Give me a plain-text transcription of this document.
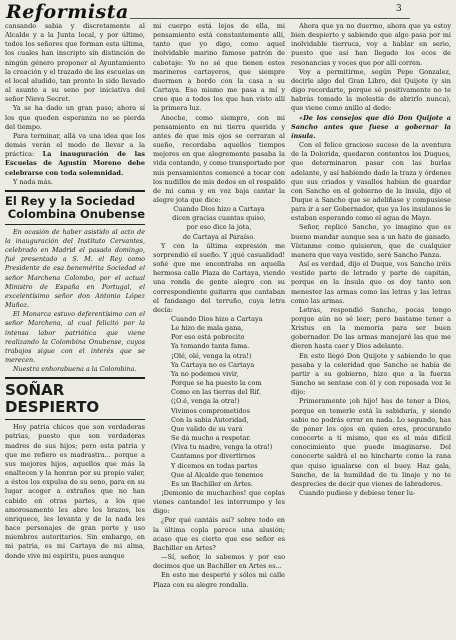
Reformista	3

cansando sabia y discretamente al Alcalde y a la Junta local, y por último, todos los señores que forman esta última, los cuales han inscripto sin distinción de ningún género proponer al Ayuntamiento la creación y el trazado de las escuelas en el local aludido, tan pronto lo sido llevado al asunto a su seno por iniciativa del señor Nieva Secret.

Ya se ha dado un gran paso; ahora sí los que queden esperanza no se pierda del tiempo.

Para terminar, allá va una idea que los demás verán el modo de llevar a la práctica: La inauguración de las Escuelas de Agustín Moreno debe celebrarse con toda solemnidad.

Y nada más.

El Rey y la Sociedad
Colombina Onubense

En ocasión de haber asistido al acto de la inauguración del Instituto Cervantes, celebrado en Madrid el pasado domingo, fué presentado a S. M. el Rey como Presidente de esa benemérita Sociedad el señor Marchena Colombo, por el actual Ministro de España en Portugal, el excelentísimo señor don Antonio López Muñoz.

El Monarca estuvo deferentísimo con el señor Marchena, al cual felicitó por la intensa labor patriótica que viene realizando la Colombina Onubense, cuyos trabajos sigue con el interés que se merecen.

Nuestra enhorabuena a la Colombina.

SOÑAR DESPIERTO

Hoy patria chicos que son verdaderas patrias, puesto que son verdaderas madres de sus hijos; pero esta patria y que me refiero es madrastra... porque a sus mejores hijos, aquellos que más la enaltecen y la honran por su propio valer, a éstos los expulsa de su seno, para en su lugar acoger a extraños que no han cabido en otras partes, a los que amorosamente les abre los brazos, les enriquece, les levanta y de la nada les hace personajes de gran porte y uso miembros autoritarios. Sin embargo, en mi patria, es mi Cartaya de mi alma, donde vive mi espíritu, pues aunque

mi cuerpo está lejos de ella, mi pensamiento está constantemente allí, tanto que yo digo, como aquel inolvidable marino famoso patrón de cabotaje: Yo no sé que tienen estos marineros cartayeros, que siempre duermen a bordo con la casa a su Cartaya. Eso mismo me pasa a mí y creo que a todos los que han visto allí la primera luz.

Anoche, como siempre, con mi pensamiento en mi tierra querida y antes de que mis ojos se cerraran al sueño, recordaba aquellos tiempos mejores en que alegremente pasaba la vida contando, y como transportado por mis pensamientos comencé a tocar con los nudillos de mis dedos en el respaldo de mi cama y en voz baja cantar la alegre jota que dice:

Cuando Dios hizo a Cartaya
dicen gracias cuantas quiso,
por eso dice la jota,
de Cartaya al Paraíso.

Y con la última expresión me sorprendió el sueño. Y ¡qué casualidad! soñé que me encontraba en aquella hermosa calle Plaza de Cartaya, viendo una ronda de gente alegre con su correspondiente guitarra que cantaban el fandango del terruño, cuya letra decía:

Cuando Dios hizo a Cartaya
Le hizo de mala gana,
Por eso está pobrecito
Ya tomando tanta fama.
¡Olé, olé, venga la otra!)
Ya Cartaya no es Cartaya
Ya no podemos vivir,
Porque se ha puesto la com
Como en las tierras del Rif.
(¡O.é, venga la otra!)
Vivimos comprometidos
Con la sabia Autoridad,
Que valido de su vara
Se dá mucho a respetar.
(Viva tu madre, venga la otra!)
Cantamos por divertirnos
Y dicemos en todas partes
Que al Alcalde que tenemos
Es un Bachiller en Artes.

¡Demonio de muchachos! que coplas vienes cantando! les interrumpo y les digo:

¿Por qué cantáis así? sobre todo en la última copla parece una alusión; acaso que es cierto que ese señor es Bachiller en Artes?

—Sí, señor, lo sabemos y por eso decimos que un Bachiller en Artes es...

En esto me desperté y sólos mi calle Plaza con su alegre rondalla.

Ahora que ya no duermo, ahora que ya estoy bien despierto y sabiendo que algo pasa por mi inolvidable tierruca, voy a hablar en serio, puesto que así han llegado los ecos de resonancias y voces que por allí corren.

Voy a permitirme, según Pepe Gonzalez, decirle algo del Gran Libro, del Quijote (y sin digo recordarte, porque sé positivamente no te habrás tomado la molestia de abrirlo nunca), que viene como anillo al dedo:

«De los consejos que dió Don Quijote a Sancho antes que fuese a gobernar la ínsula.

Con el felice gracioso suceso de la aventura de la Dolorida, quedaron contentos los Duques, que determinaron pasar con las burlas adelante, y así habiendo dado la traza y órdenes que sus criados y vasallos habían de guardar con Sancho en el gobierno de la ínsula, dijo el Duque a Sancho que se adeliñase y compusiese para ir a ser Gobernador, que ya los insulanos le estaban esperando como el agua de Mayo.

Señor, replicó Sancho, yo imagino que es bueno mandar aunque sea a un hato de ganado. Vístanme como quisieren, que de cualquier manera que vaya vestido, seré Sancho Panza.

Así es verdad, dijo el Duque, vos Sancho iréis vestido parte de letrado y parte de capitán, porque en la ínsula que os doy tanto son menester las armas como las letras y las letras como las armas.

Letras, respondió Sancho, pocas tengo porque aún no sé leer; pero bastame tener a Xristus en la memoria para ser buen gobernador. De las armas manejaré las que me dieren hasta caer y Dios adelante.

En esto llegó Don Quijote y sabiendo lo que pasaba y la celeridad que Sancho se había de partir a su gobierno, hizo que a la fuerza Sancho se sentase con él y con reposada voz le dijo:

Primeramente ¡oh hijo! has de tener a Dios, porque en temerle está la sabiduría, y siendo sabio no podrás errar en nada. Lo segundo, has de poner los ojos en quien eres, procurando conocerte a ti mismo, que es el más difícil conocimiento que puede imaginarse. Del conocerte saldrá el no hincharte como la rana que quiso igualarse con el buey. Haz gala, Sancho, de la humildad de tu linaje y no te desprecies de decir que vienes de labradores.

Cuando pudiese y debiese tener lu-
